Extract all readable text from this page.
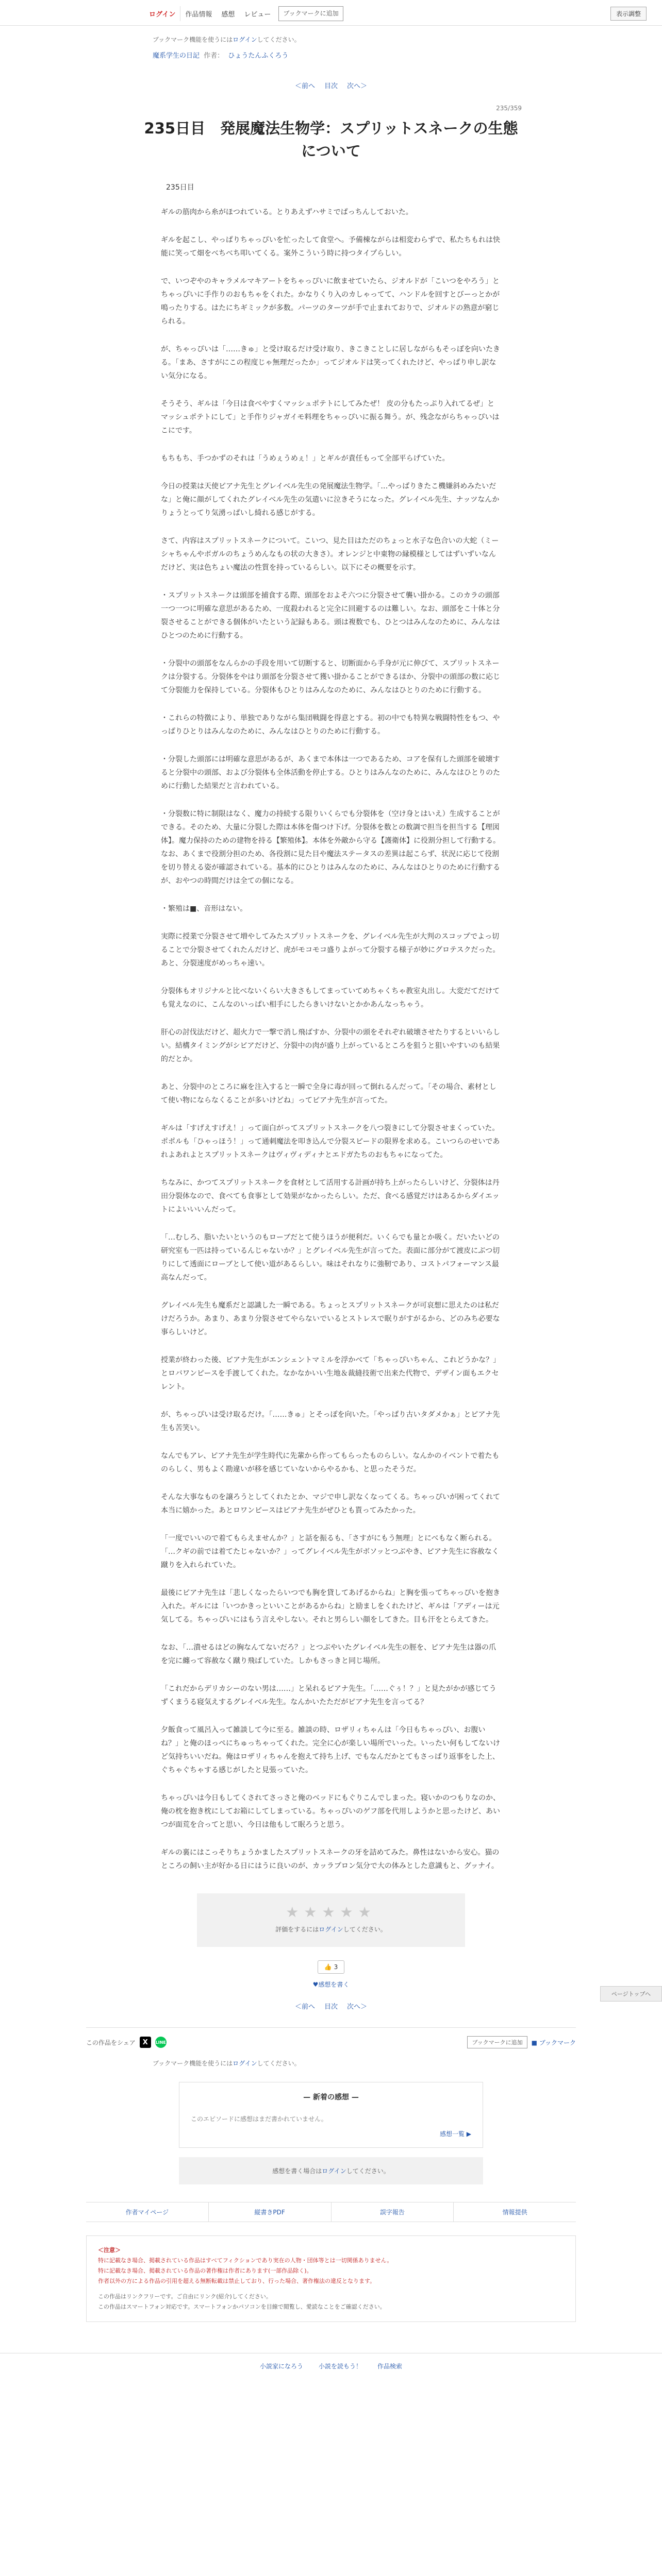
ログイン	作品情報	感想	レビュー	ブックマークに追加	表示調整
ブックマーク機能を使うにはログインしてください。
魔系学生の日記 作者： ひょうたんふくろう
＜前へ 目次 次へ＞
235/359
235日目　発展魔法生物学：スプリットスネークの生態について
235日目

ギルの筋肉から糸がほつれている。とりあえずハサミでぱっちんしておいた。

ギルを起こし、やっぱりちゃっぴいを忙ったして食堂へ。予備棟ながらは相変わらずで、私たちもれは快能に笑って畑をべちべち叩いてくる。案外こういう時に持つタイプらしい。

で、いつぞやのキャラメルマキアートをちゃっぴいに飲ませていたら、ジオルドが「こいつをやろう」とちゃっぴいに手作りのおもちゃをくれた。かなりくり入のカしゃってて、ハンドルを回すとびーっとかが鳴ったりする。はたにちギミックが多数。パーツのターツが手で止まれておりで、ジオルドの熟意が窮じられる。

が、ちゃっぴいは「……きゅ」と受け取るだけ受け取り、きこきことしに居しながらもそっぽを向いたきる。「まあ、さすがにこの程度じゃ無理だったか」ってジオルドは笑ってくれたけど、やっぱり申し訳ない気分になる。

そうそう、ギルは「今日は食べやすくマッシュポテトにしてみたぜ！ 皮の分もたっぷり入れてるぜ」とマッシュポテトにして」と手作りジャガイモ料理をちゃっぴいに振る舞う。が、残念ながらちゃっぴいはこにです。

もちもち、手つかずのそれは「うめぇうめぇ！」とギルが責任もって全部平らげていた。

今日の授業は天使ピアナ先生とグレイベル先生の発展魔法生物学。「…やっぱりきたこ機嫌斜めみたいだな」と俺に顔がしてくれたグレイベル先生の気遣いに泣きそうになった。グレイベル先生、ナッツなんかりょうとってり気湧っぱいし綺れる感じがする。

さて、内容はスプリットスネークについて。こいつ、見た目はただのちょっと水子な色合いの大蛇（ミーシャちゃんやボガルのちょうめんなもの状の大きさ）。オレンジと中東物の縁模様としてはずいずいなんだけど、実は色ちょい魔法の性質を持っているらしい。以下にその概要を示す。

・スプリットスネークは頭部を捕食する際、頭部をおよそ六つに分裂させて襲い掛かる。このカラの頭部一つ一つに明確な意思があるため、一度殺われると完全に回避するのは難しい。なお、頭部をこ十体と分裂させることができる個体がいたという記録もある。頭は複数でも、ひとつはみんなのために、みんなはひとつのために行動する。

・分裂中の頭部をなんらかの手段を用いて切断すると、切断面から手身が元に伸びて、スプリットスネークは分裂する。分裂体をやはり頭部を分裂させて獲い掛かることができるほか、分裂中の頭部の数に応じて分裂能力を保持している。分裂体もひとりはみんなのために、みんなはひとりのために行動する。

・これらの特徴により、単独でありながら集団戦闘を得意とする。初の中でも特異な戦闘特性をもつ、やっぱりひとりはみんなのために、みんなはひとりのために行動する。

・分裂した頭部には明確な意思があるが、あくまで本体は一つであるため、コアを保有した頭部を破壊すると分裂中の頭部、および分裂体も全体活動を停止する。ひとりはみんなのために、みんなはひとりのために行動した結果だと言われている。

・分裂数に特に制限はなく、魔力の持続する限りいくらでも分裂体を（空け身とはいえ）生成することができる。そのため、大量に分裂した際は本体を傷つけ下げ。分裂体を数との数調で担当を担当する【理図体】。魔力保持のための建物を持る【繁殖体】。本体を外敵から守る【護衛体】に役割分担して行動する。なお、あくまで役割分担のため、各役割に見た目や魔法ステータスの差異は起こらず、状況に応じて役割を切り替える姿が確認されている。基本的にひとりはみんなのために、みんなはひとりのために行動するが、おやつの時間だけは全ての個になる。

・繁殖は■、音形はない。

実際に授業で分裂させて増やしてみたスプリットスネークを、グレイベル先生が大判のスコップでよっ切ることで分裂させてくれたんだけど、虎がモコモコ盛りよがって分裂する様子が妙にグロテスクだった。あと、分裂速度がめっちゃ速い。

分裂体もオリジナルと比べないくらい大きさもしてまっていてめちゃくちゃ教室丸出し。大変だてだけても覚えなのに、こんなのいっぱい相手にしたらきいけないとかかあんなっちゃう。

肝心の討伐法だけど、超火力で一撃で消し飛ばすか、分裂中の頭をそれぞれ破壊させたりするといいらしい。結構タイミングがシビアだけど、分裂中の肉が盛り上がっているところを狙うと狙いやすいのも結果的だとか。

あと、分裂中のところに麻を注入すると一瞬で全身に毒が回って倒れるんだって。「その場合、素材として使い物にならなくることが多いけどね」ってピアナ先生が言ってた。

ギルは「すげえすげえ！」って面白がってスプリットスネークを八つ裂きにして分裂させまくっていた。ポポルも「ひゃっほう！」って通刺魔法を叩き込んで分裂スピードの限界を求める。こいつらのせいであれよあれよとスプリットスネークはヴィヴィディナとエドガたちのおもちゃになってた。

ちなみに、かつてスプリットスネークを食材として活用する計画が持ち上がったらしいけど、分裂体は丹田分裂体なので、食べても食事として効果がなかったらしい。ただ、食べる感覚だけはあるからダイエットによいいいんだって。

「…むしろ、脂いたいというのもローブだとて使うほうが便利だ。いくらでも量とか吸く。だいたいどの研究室も一匹は持っているんじゃないか？」とグレイベル先生が言ってた。表面に部分がて渡皮にぶつ切りにして透面にローブとして使い道があるらしい。味はそれなりに強靭であり、コストパフォーマンス最高なんだって。

グレイベル先生も魔系だと認識した一瞬である。ちょっとスプリットスネークが可哀想に思えたのは私だけだろうか。あまり、あまり分裂させてやらないでいるとストレスで眠りがすがるから、どのみち必要な事らしいけど。

授業が終わった後、ピアナ先生がエンシェントマミルを浮かべて「ちゃっぴいちゃん、これどうかな？」とロバワンピースを手渡してくれた。なかなかいい生地＆裁縫技術で出来た代物で、デザイン面もエクセレント。

が、ちゃっぴいは受け取るだけ。「……きゅ」とそっぽを向いた。「やっぱり古いタダメかぁ」とピアナ先生も苦笑い。

なんでもアレ、ピアナ先生が学生時代に先輩から作ってもらったものらしい。なんかのイベントで着たものらしく、男もよく勘違いが移を感じていないからやるかも、と思ったそうだ。

そんな大事なものを譲ろうとしてくれたとか、マジで申し訳なくなってくる。ちゃっぴいが困ってくれて本当に嬉かった。あとロワンピースはピアナ先生がぜひとも貰ってみたかった。

「一度でいいので着てもらえませんか？」と話を振るも、「さすがにもう無理」とにべもなく断られる。「…クギの前では着てたじゃないか？」ってグレイベル先生がボソッとつぶやき、ピアナ先生に容赦なく蹴りを入れられていた。

最後にピアナ先生は「悲しくなったらいつでも胸を貸してあげるからね」と胸を張ってちゃっぴいを抱き入れた。ギルには「いつかきっといいことがあるからね」と励ましをくれたけど、ギルは「アディーは元気してる。ちゃっぴいにはもう言えやしない。それと男らしい顔をしてきた。目も汗をとらえてきた。

なお、「…潰せるはどの胸なんてないだろ？」とつぶやいたグレイベル先生の脛を、ピアナ先生は器の爪を完に纏って容赦なく蹴り飛ばしていた。しかもさっきと同じ場所。

「これだからデリカシーのない男は……」と呆れるピアナ先生。「……ぐぅ！？」と見たがかが感じてうずくまうる寝気えするグレイベル先生。なんかいたただがピアナ先生を言ってる？

夕飯食って風呂入って雑談して今に至る。雑談の時、ロザリィちゃんは「今日もちゃっぴい、お腹いね？」と俺のほっぺにちゅっちゃってくれた。完全に心が楽しい場所でいった。いったい何もしてないけど気持ちいいだね。俺はロザリィちゃんを抱えて持ち上げ、でもなんだかとてもさっぱり返事をした上、ぐちゃぐちゃする感じがしたと見張っていた。

ちゃっぴいは今日もしてくされてさっさと俺のベッドにもぐりこんでしまった。寝いかのつもりなのか、俺の枕を抱き枕にしてお箱にしてしまっている。ちゃっぴいのゲフ部を代用しようかと思ったけど、あいつが面荒を合ってと思い、今日は他もして眠ろうと思う。

ギルの裏にはこっそりちょうかましたスプリットスネークの牙を詰めてみた。鼻性はないから安心。猫のところの飼い主が好かる日にはうに良いのが、カッラプロン気分で大の体みとした意識もと、グッナイ。

★★★★★
評価をするにはログインしてください。
👍 3
♥感想を書く
＜前へ 目次 次へ＞
この作品をシェア	X	LINE	ブックマークに追加	■ ブックマーク
ブックマーク機能を使うにはログインしてください。
— 新着の感想 —
このエピソードに感想はまだ書かれていません。
感想一覧 ▶
感想を書く場合はログインしてください。
作者マイページ	縦書きPDF	誤字報告	情報提供
＜注意＞
特に記載なき場合、掲載されている作品はすべてフィクションであり実在の人物・団体等とは一切関係ありません。
特に記載なき場合、掲載されている作品の著作権は作者にあります(一部作品除く)。
作者以外の方による作品の引用を超える無断転載は禁止しており、行った場合、著作権法の違反となります。
この作品はリンクフリーです。ご自由にリンク(紹介)してください。
この作品はスマートフォン対応です。スマートフォンかパソコンを目線で閲覧し、愛読なことをご確認ください。
小説家になろう	小説を読もう！	作品検索
ページトップへ
